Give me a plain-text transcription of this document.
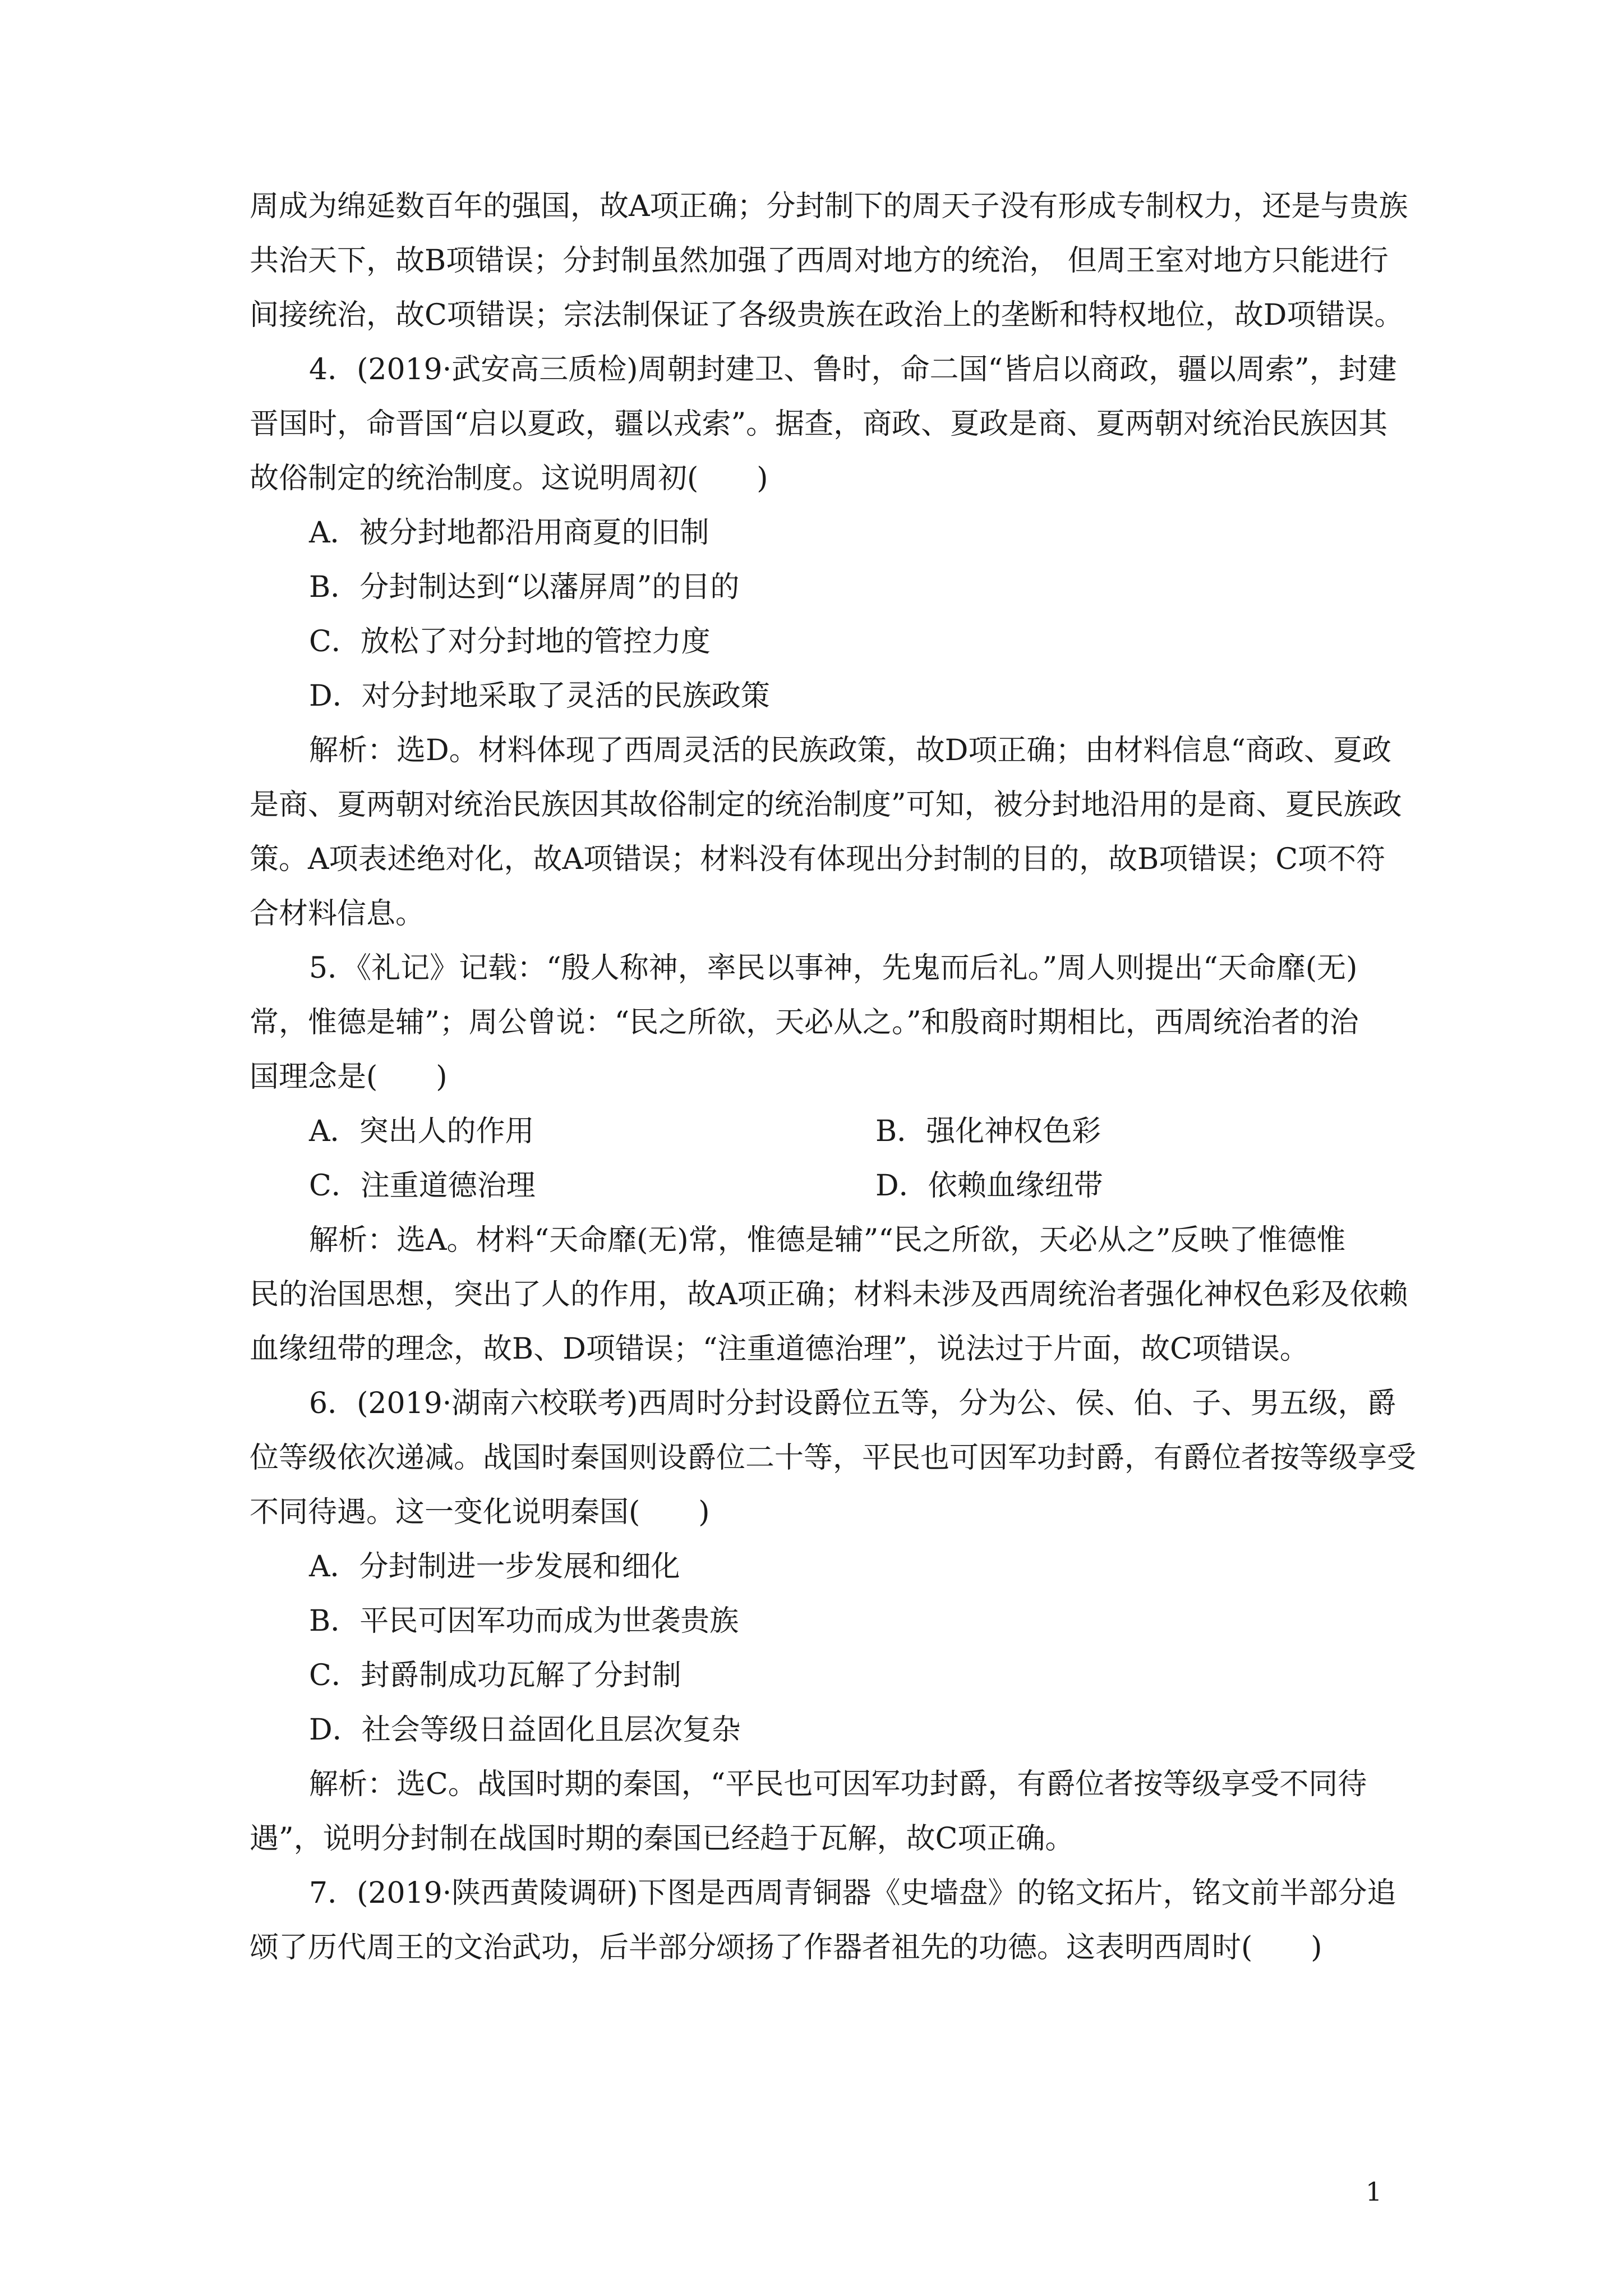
周成为绵延数百年的强国，故A项正确；分封制下的周天子没有形成专制权力，还是与贵族
共治天下，故B项错误；分封制虽然加强了西周对地方的统治， 但周王室对地方只能进行
间接统治，故C项错误；宗法制保证了各级贵族在政治上的垄断和特权地位，故D项错误。
4．(2019·武安高三质检)周朝封建卫、鲁时，命二国“皆启以商政，疆以周索”，封建
晋国时，命晋国“启以夏政，疆以戎索”。据查，商政、夏政是商、夏两朝对统治民族因其
故俗制定的统治制度。这说明周初(　　)
A．被分封地都沿用商夏的旧制
B．分封制达到“以藩屏周”的目的
C．放松了对分封地的管控力度
D．对分封地采取了灵活的民族政策
解析：选D。材料体现了西周灵活的民族政策，故D项正确；由材料信息“商政、夏政
是商、夏两朝对统治民族因其故俗制定的统治制度”可知，被分封地沿用的是商、夏民族政
策。A项表述绝对化，故A项错误；材料没有体现出分封制的目的，故B项错误；C项不符
合材料信息。
5．《礼记》记载：“殷人称神，率民以事神，先鬼而后礼。”周人则提出“天命靡(无)
常，惟德是辅”；周公曾说：“民之所欲，天必从之。”和殷商时期相比，西周统治者的治
国理念是(　　)
A．突出人的作用	B．强化神权色彩
C．注重道德治理	D．依赖血缘纽带
解析：选A。材料“天命靡(无)常，惟德是辅”“民之所欲，天必从之”反映了惟德惟
民的治国思想，突出了人的作用，故A项正确；材料未涉及西周统治者强化神权色彩及依赖
血缘纽带的理念，故B、D项错误；“注重道德治理”，说法过于片面，故C项错误。
6．(2019·湖南六校联考)西周时分封设爵位五等，分为公、侯、伯、子、男五级，爵
位等级依次递减。战国时秦国则设爵位二十等，平民也可因军功封爵，有爵位者按等级享受
不同待遇。这一变化说明秦国(　　)
A．分封制进一步发展和细化
B．平民可因军功而成为世袭贵族
C．封爵制成功瓦解了分封制
D．社会等级日益固化且层次复杂
解析：选C。战国时期的秦国，“平民也可因军功封爵，有爵位者按等级享受不同待
遇”，说明分封制在战国时期的秦国已经趋于瓦解，故C项正确。
7．(2019·陕西黄陵调研)下图是西周青铜器《史墙盘》的铭文拓片，铭文前半部分追
颂了历代周王的文治武功，后半部分颂扬了作器者祖先的功德。这表明西周时(　　)
1
